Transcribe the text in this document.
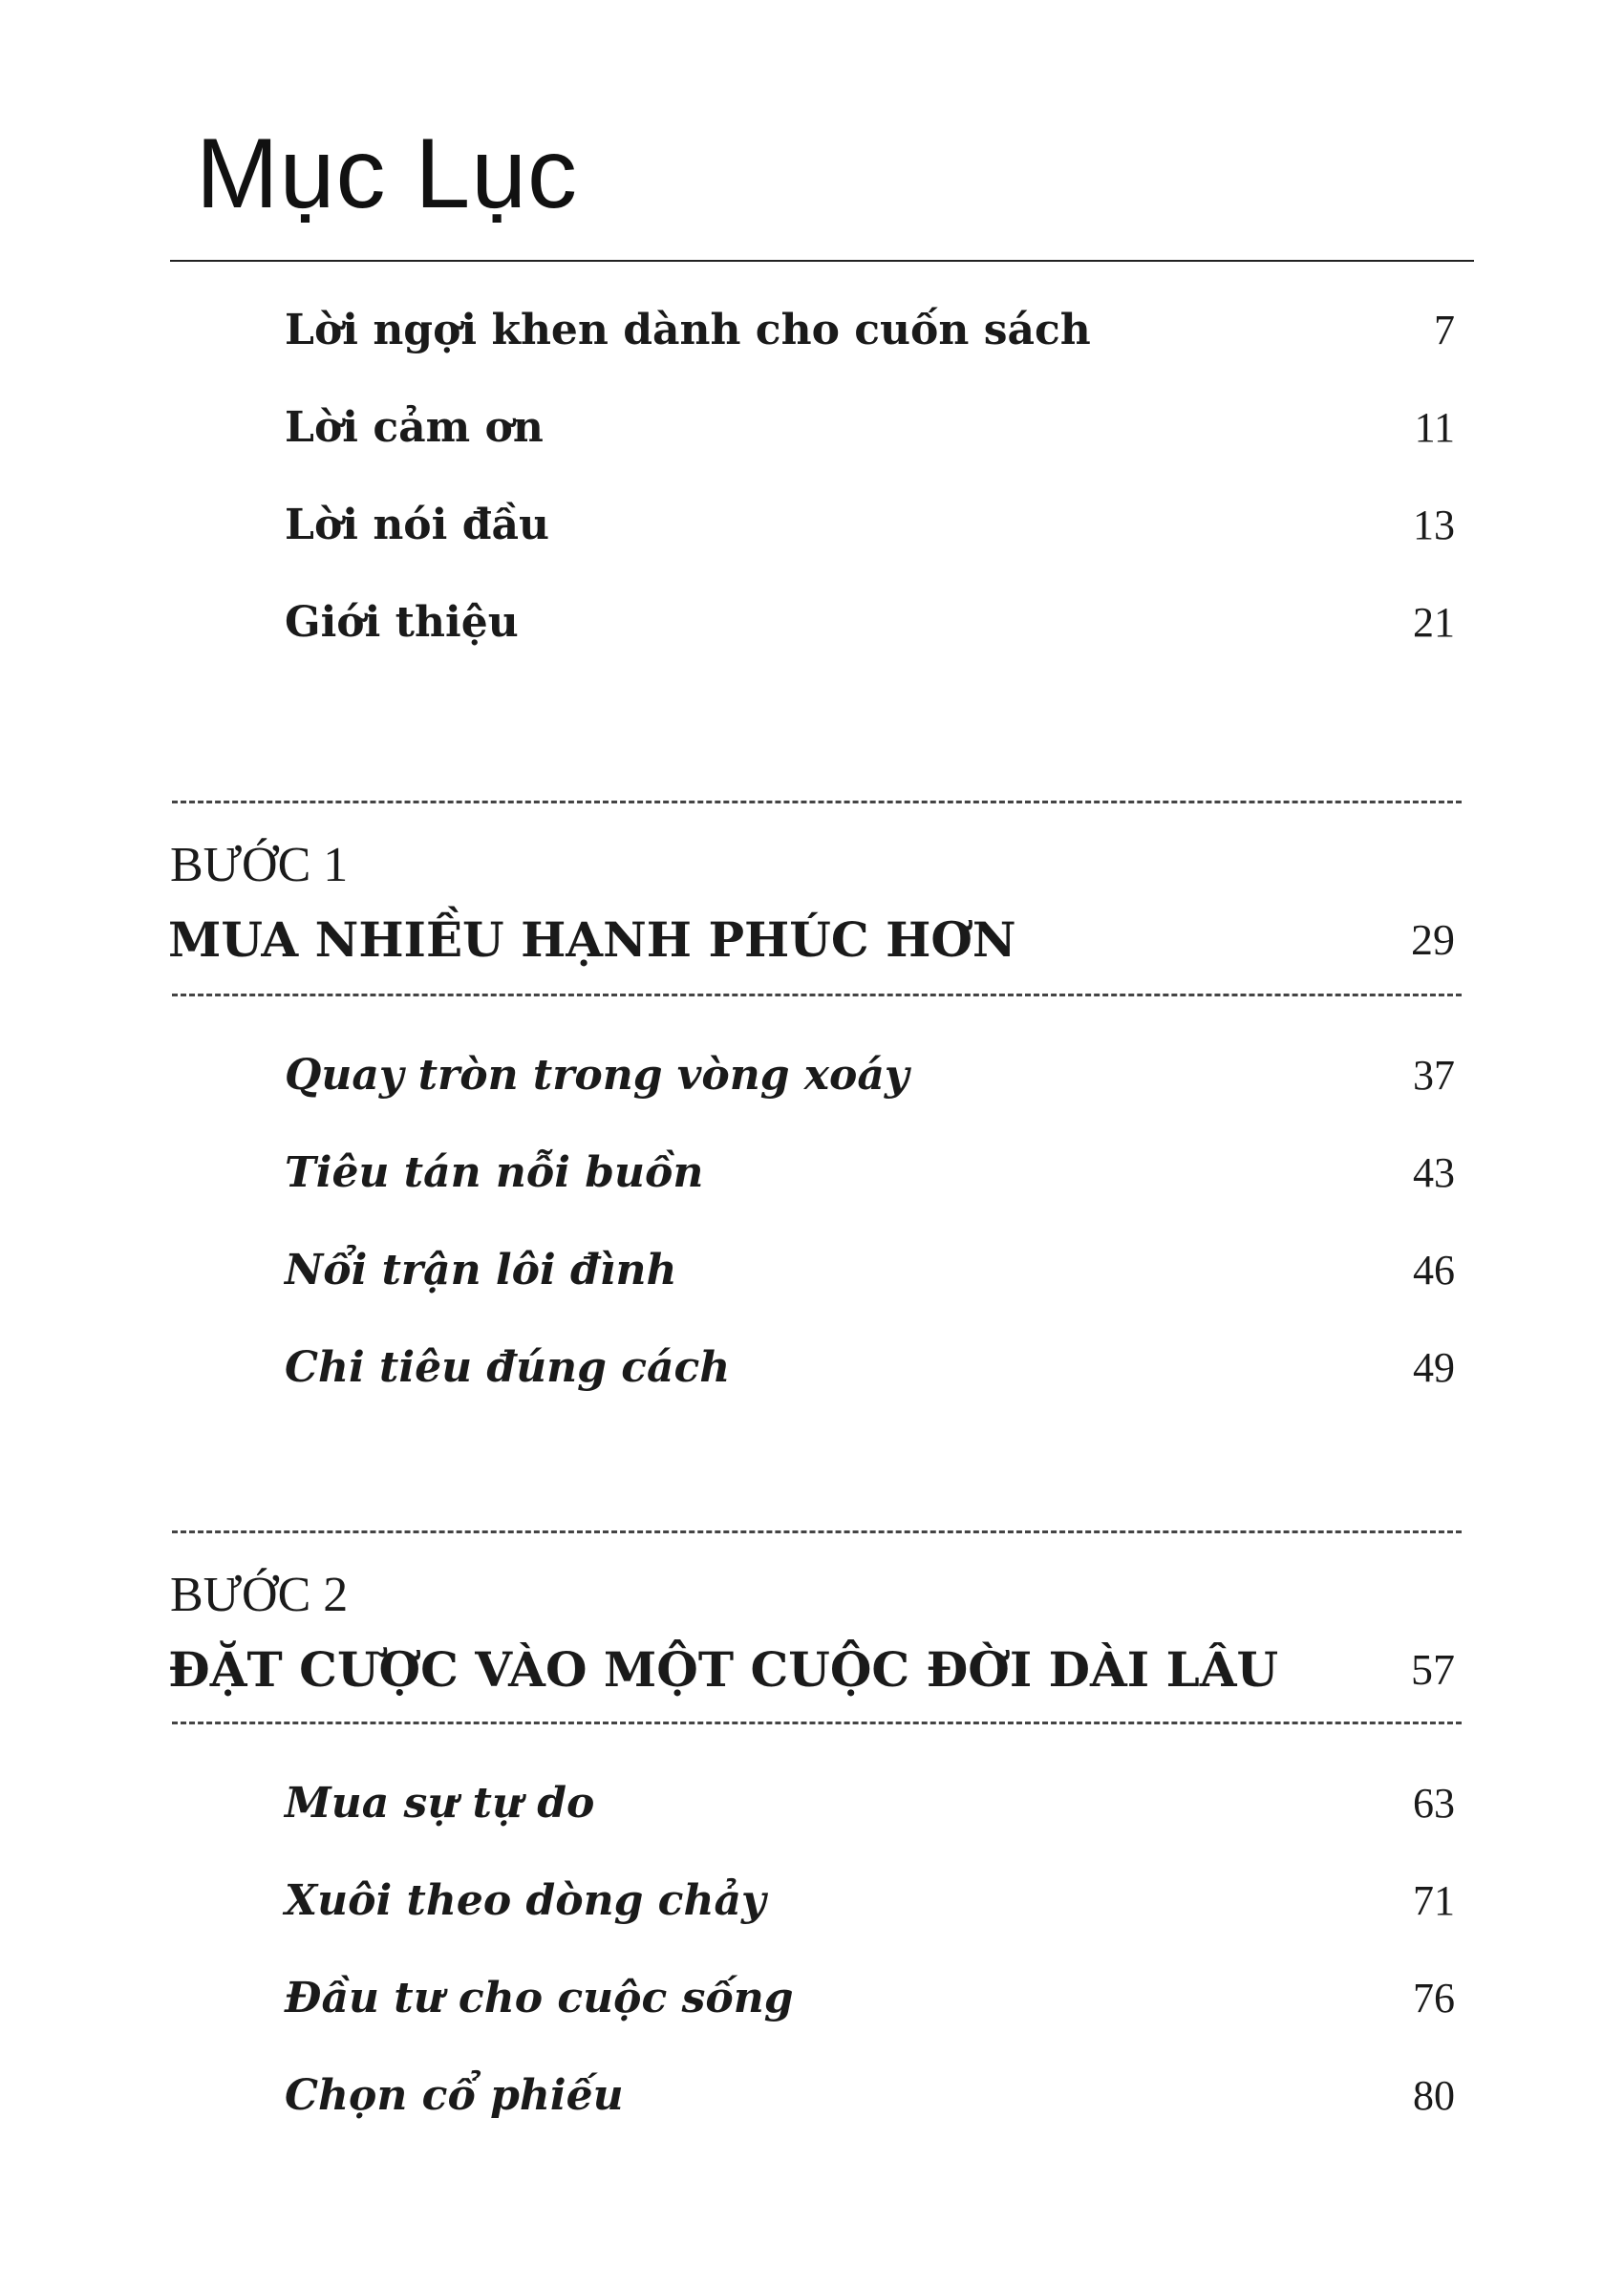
Mục Lục
Lời ngợi khen dành cho cuốn sách	7
Lời cảm ơn	11
Lời nói đầu	13
Giới thiệu	21
BƯỚC 1
MUA NHIỀU HẠNH PHÚC HƠN	29
Quay tròn trong vòng xoáy	37
Tiêu tán nỗi buồn	43
Nổi trận lôi đình	46
Chi tiêu đúng cách	49
BƯỚC 2
ĐẶT CƯỢC VÀO MỘT CUỘC ĐỜI DÀI LÂU	57
Mua sự tự do	63
Xuôi theo dòng chảy	71
Đầu tư cho cuộc sống	76
Chọn cổ phiếu	80
